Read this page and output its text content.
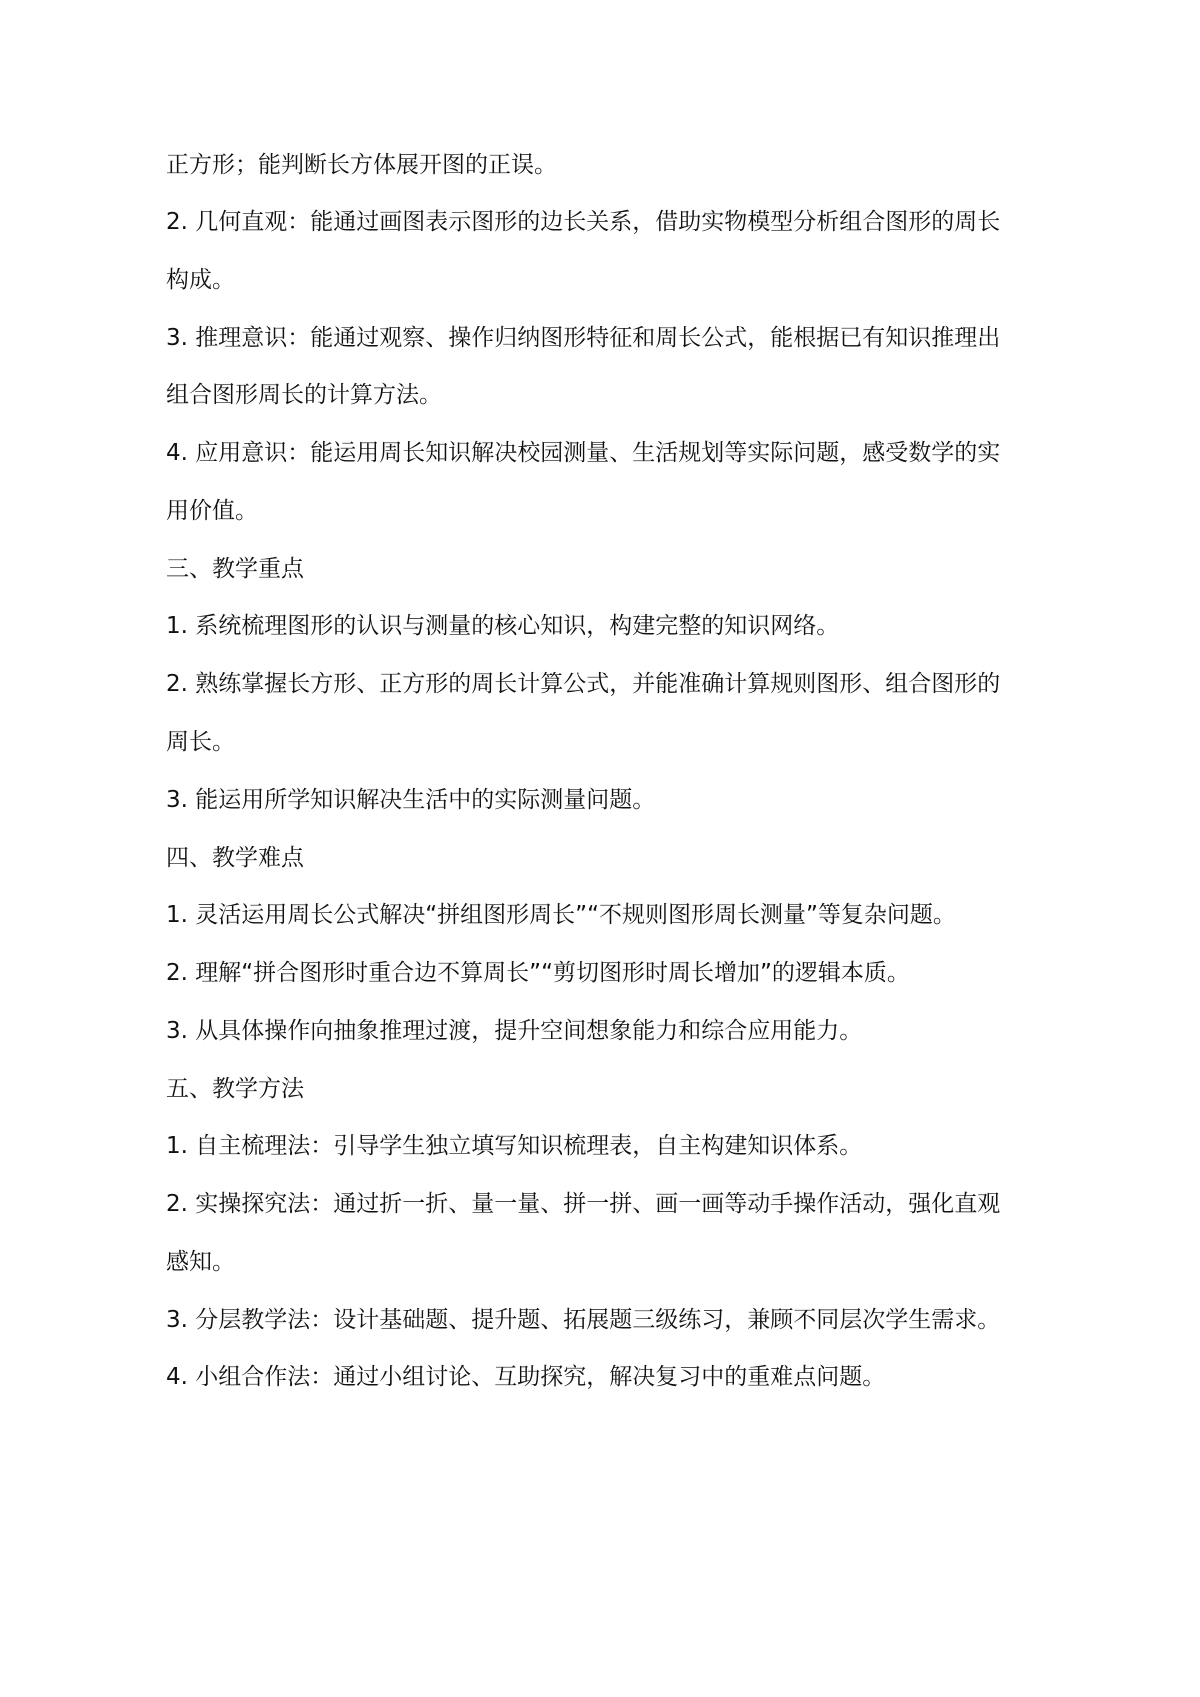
正方形；能判断长方体展开图的正误。
2. 几何直观：能通过画图表示图形的边长关系，借助实物模型分析组合图形的周长
构成。
3. 推理意识：能通过观察、操作归纳图形特征和周长公式，能根据已有知识推理出
组合图形周长的计算方法。
4. 应用意识：能运用周长知识解决校园测量、生活规划等实际问题，感受数学的实
用价值。
三、教学重点
1. 系统梳理图形的认识与测量的核心知识，构建完整的知识网络。
2. 熟练掌握长方形、正方形的周长计算公式，并能准确计算规则图形、组合图形的
周长。
3. 能运用所学知识解决生活中的实际测量问题。
四、教学难点
1. 灵活运用周长公式解决“拼组图形周长”“不规则图形周长测量”等复杂问题。
2. 理解“拼合图形时重合边不算周长”“剪切图形时周长增加”的逻辑本质。
3. 从具体操作向抽象推理过渡，提升空间想象能力和综合应用能力。
五、教学方法
1. 自主梳理法：引导学生独立填写知识梳理表，自主构建知识体系。
2. 实操探究法：通过折一折、量一量、拼一拼、画一画等动手操作活动，强化直观
感知。
3. 分层教学法：设计基础题、提升题、拓展题三级练习，兼顾不同层次学生需求。
4. 小组合作法：通过小组讨论、互助探究，解决复习中的重难点问题。
